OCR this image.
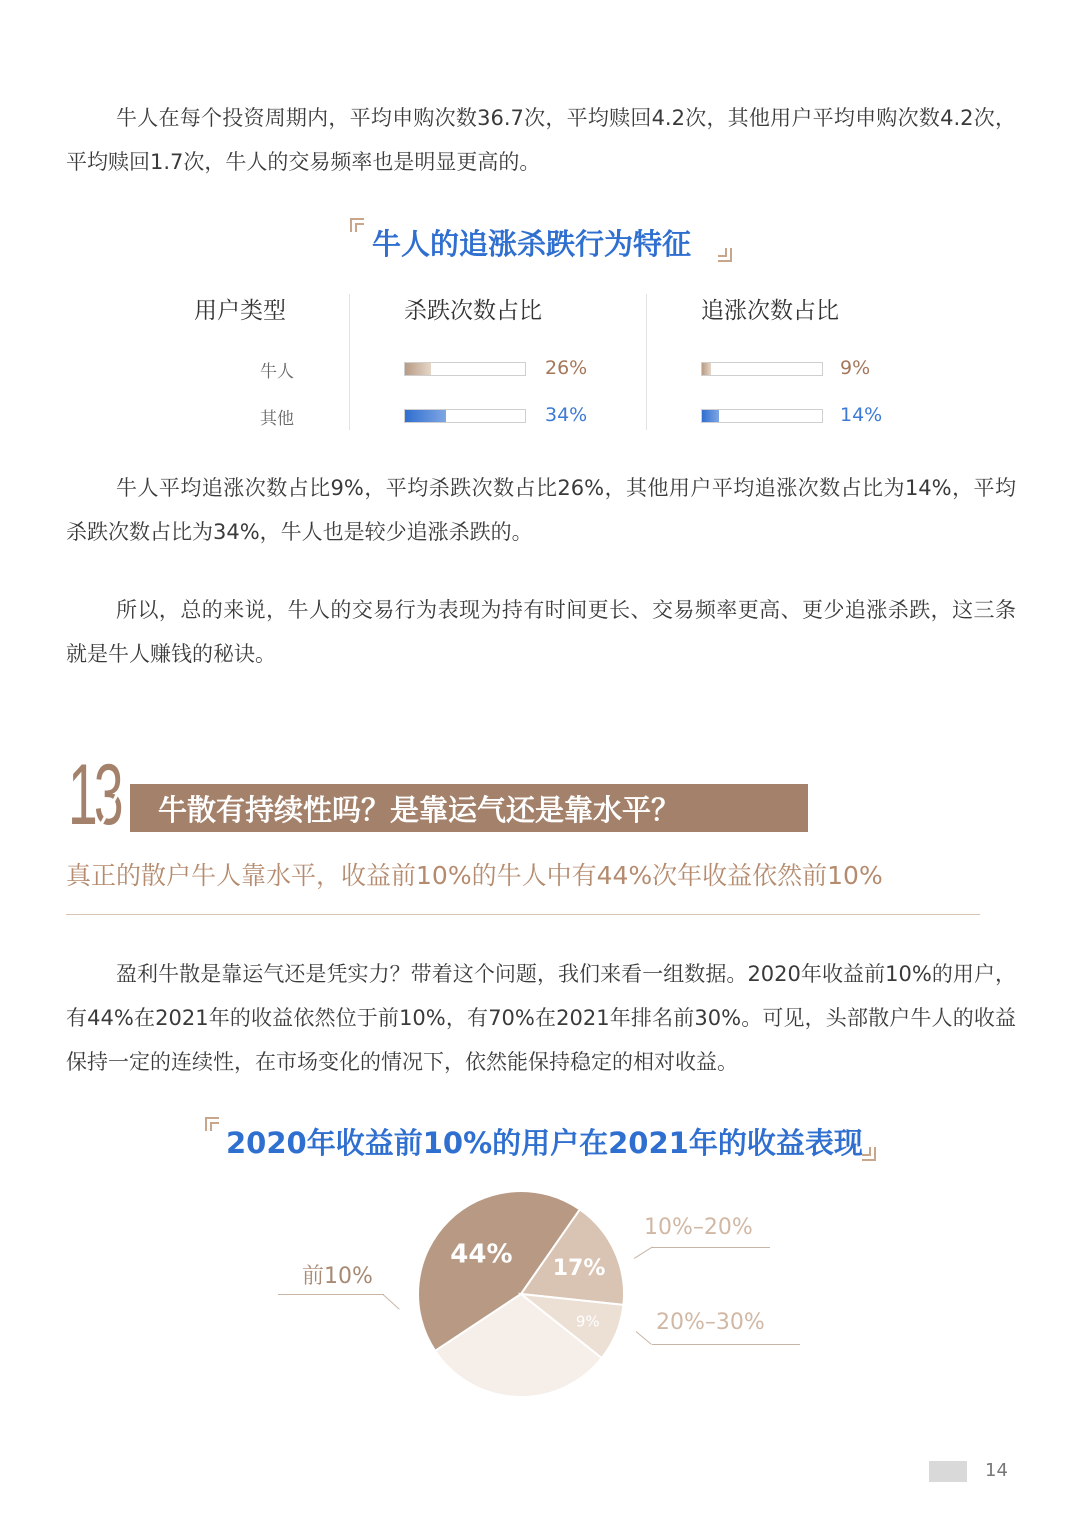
牛人在每个投资周期内，平均申购次数36.7次，平均赎回4.2次，其他用户平均申购次数4.2次，平均赎回1.7次，牛人的交易频率也是明显更高的。

牛人的追涨杀跌行为特征
用户类型	杀跌次数占比	追涨次数占比
牛人	26%	9%
其他	34%	14%

牛人平均追涨次数占比9%，平均杀跌次数占比26%，其他用户平均追涨次数占比为14%，平均杀跌次数占比为34%，牛人也是较少追涨杀跌的。

所以，总的来说，牛人的交易行为表现为持有时间更长、交易频率更高、更少追涨杀跌，这三条就是牛人赚钱的秘诀。

牛散有持续性吗？是靠运气还是靠水平？
13
真正的散户牛人靠水平，收益前10%的牛人中有44%次年收益依然前10%

盈利牛散是靠运气还是凭实力？带着这个问题，我们来看一组数据。2020年收益前10%的用户，有44%在2021年的收益依然位于前10%，有70%在2021年排名前30%。可见，头部散户牛人的收益保持一定的连续性，在市场变化的情况下，依然能保持稳定的相对收益。

2020年收益前10%的用户在2021年的收益表现
44% 17%
9%
前10%
10%–20%
20%–30%
14
